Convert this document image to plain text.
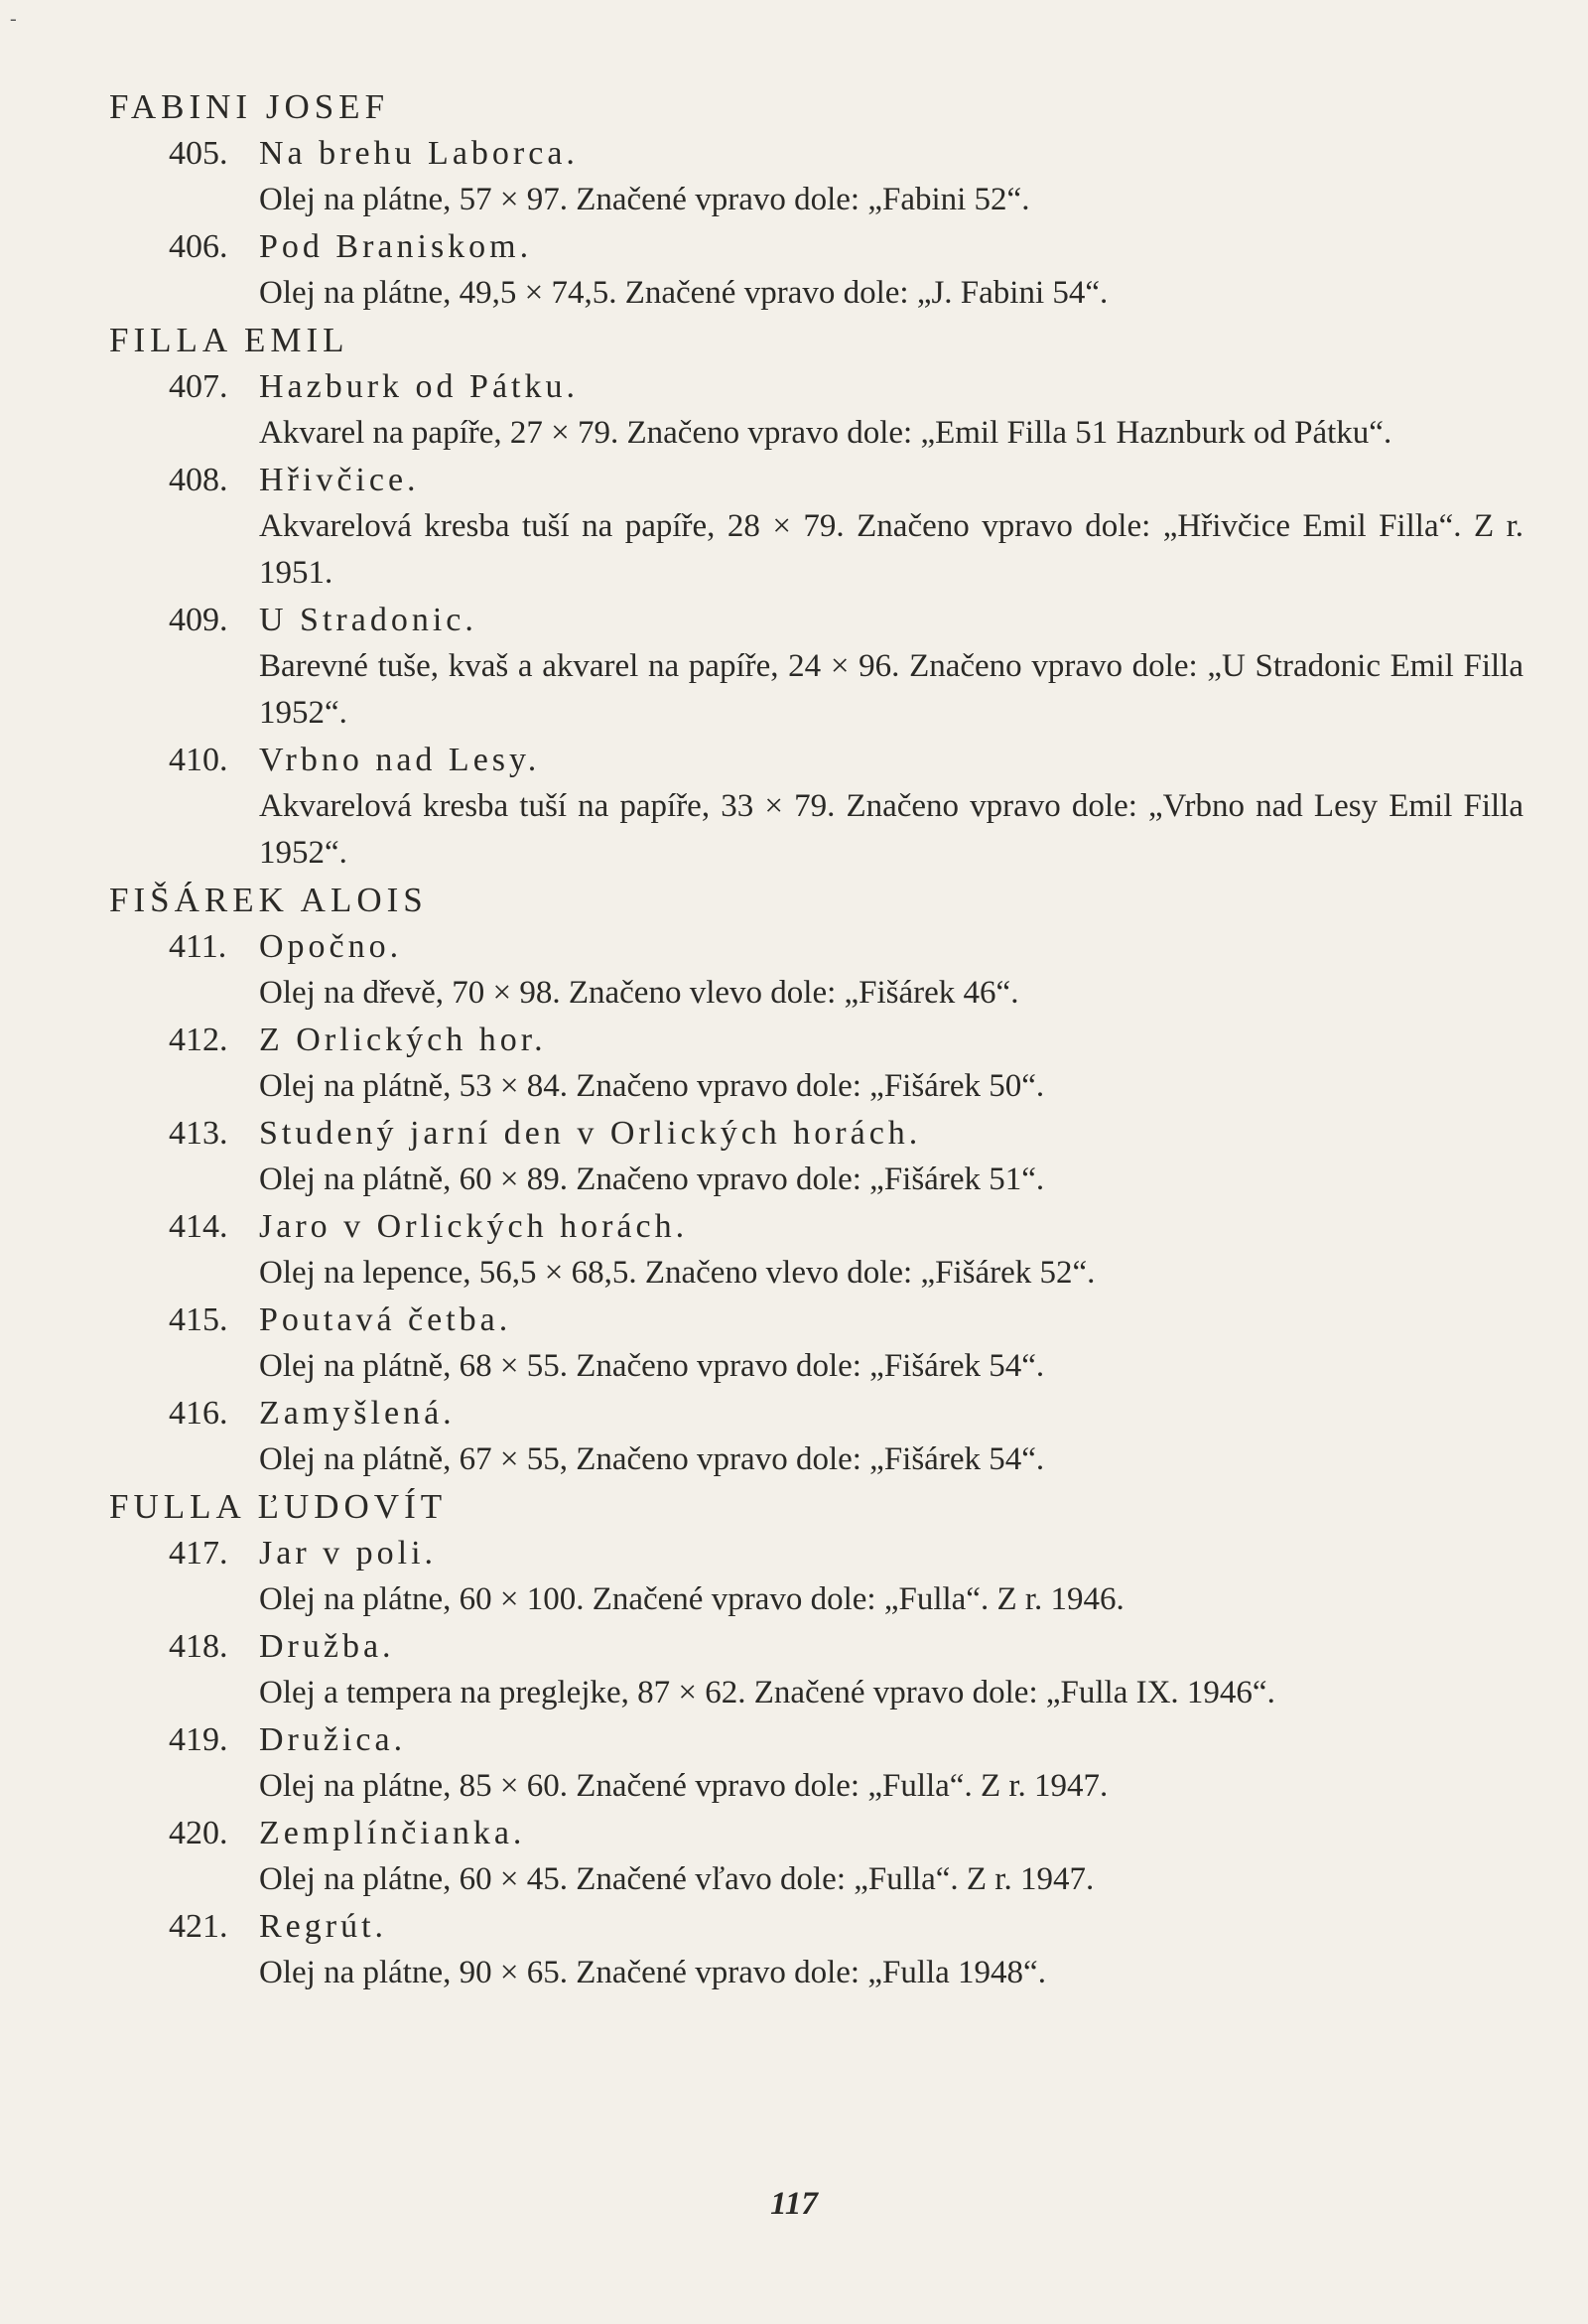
‐
FABINI JOSEF
405. Na brehu Laborca.
Olej na plátne, 57 × 97. Značené vpravo dole: „Fabini 52“.
406. Pod Braniskom.
Olej na plátne, 49,5 × 74,5. Značené vpravo dole: „J. Fabini 54“.
FILLA EMIL
407. Hazburk od Pátku.
Akvarel na papíře, 27 × 79. Značeno vpravo dole: „Emil Filla 51 Haznburk od Pátku“.
408. Hřivčice.
Akvarelová kresba tuší na papíře, 28 × 79. Značeno vpravo dole: „Hřivčice Emil Filla“. Z r. 1951.
409. U Stradonic.
Barevné tuše, kvaš a akvarel na papíře, 24 × 96. Značeno vpravo dole: „U Stradonic Emil Filla 1952“.
410. Vrbno nad Lesy.
Akvarelová kresba tuší na papíře, 33 × 79. Značeno vpravo dole: „Vrbno nad Lesy Emil Filla 1952“.
FIŠÁREK ALOIS
411. Opočno.
Olej na dřevě, 70 × 98. Značeno vlevo dole: „Fišárek 46“.
412. Z Orlických hor.
Olej na plátně, 53 × 84. Značeno vpravo dole: „Fišárek 50“.
413. Studený jarní den v Orlických horách.
Olej na plátně, 60 × 89. Značeno vpravo dole: „Fišárek 51“.
414. Jaro v Orlických horách.
Olej na lepence, 56,5 × 68,5. Značeno vlevo dole: „Fišárek 52“.
415. Poutavá četba.
Olej na plátně, 68 × 55. Značeno vpravo dole: „Fišárek 54“.
416. Zamyšlená.
Olej na plátně, 67 × 55, Značeno vpravo dole: „Fišárek 54“.
FULLA ĽUDOVÍT
417. Jar v poli.
Olej na plátne, 60 × 100. Značené vpravo dole: „Fulla“. Z r. 1946.
418. Družba.
Olej a tempera na preglejke, 87 × 62. Značené vpravo dole: „Fulla IX. 1946“.
419. Družica.
Olej na plátne, 85 × 60. Značené vpravo dole: „Fulla“. Z r. 1947.
420. Zemplínčianka.
Olej na plátne, 60 × 45. Značené vľavo dole: „Fulla“. Z r. 1947.
421. Regrút.
Olej na plátne, 90 × 65. Značené vpravo dole: „Fulla 1948“.
117
